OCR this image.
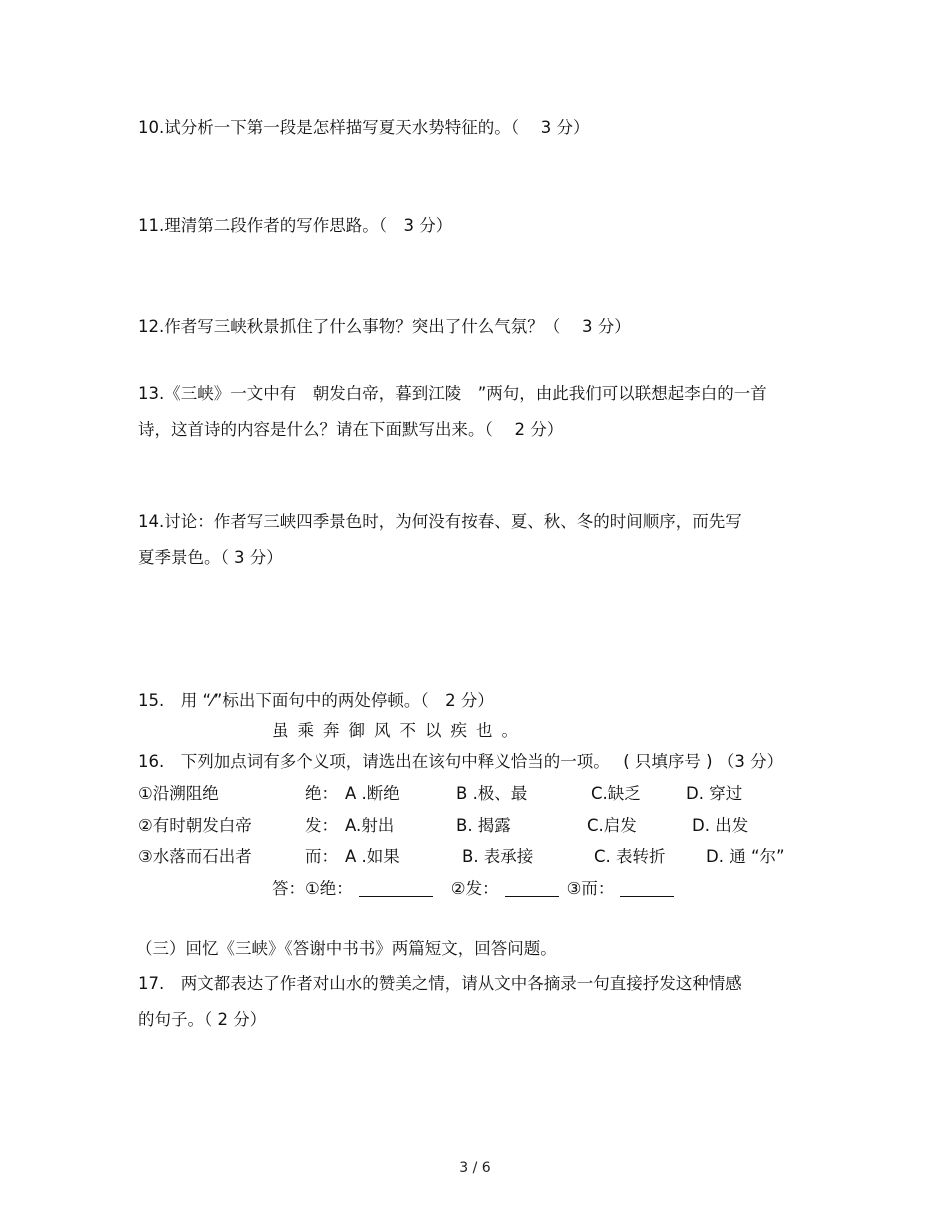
10.试分析一下第一段是怎样描写夏天水势特征的。（　 3 分）
11.理清第二段作者的写作思路。（　3 分）
12.作者写三峡秋景抓住了什么事物？突出了什么气氛？（　 3 分）
13.《三峡》一文中有　朝发白帝，暮到江陵　”两句，由此我们可以联想起李白的一首
诗，这首诗的内容是什么？请在下面默写出来。（　 2 分）
14.讨论：作者写三峡四季景色时，为何没有按春、夏、秋、冬的时间顺序，而先写
夏季景色。（ 3 分）
15.　用 “⁄”标出下面句中的两处停顿。（　2 分）
虽乘奔御风不以疾也。
16.　下列加点词有多个义项，请选出在该句中释义恰当的一项。　 ( 只填序号 ) （3 分）
①沿溯阻绝	绝： A .断绝	B .极、最	C.缺乏	D. 穿过
②有时朝发白帝	发： A.射出	B. 揭露	C.启发	D. 出发
③水落而石出者	而： A .如果	B. 表承接	C. 表转折 D. 通 “尔”
答：①绝：	②发：	③而：
（三）回忆《三峡》《答谢中书书》两篇短文，回答问题。
17.　两文都表达了作者对山水的赞美之情，请从文中各摘录一句直接抒发这种情感
的句子。（ 2 分）
3 / 6
